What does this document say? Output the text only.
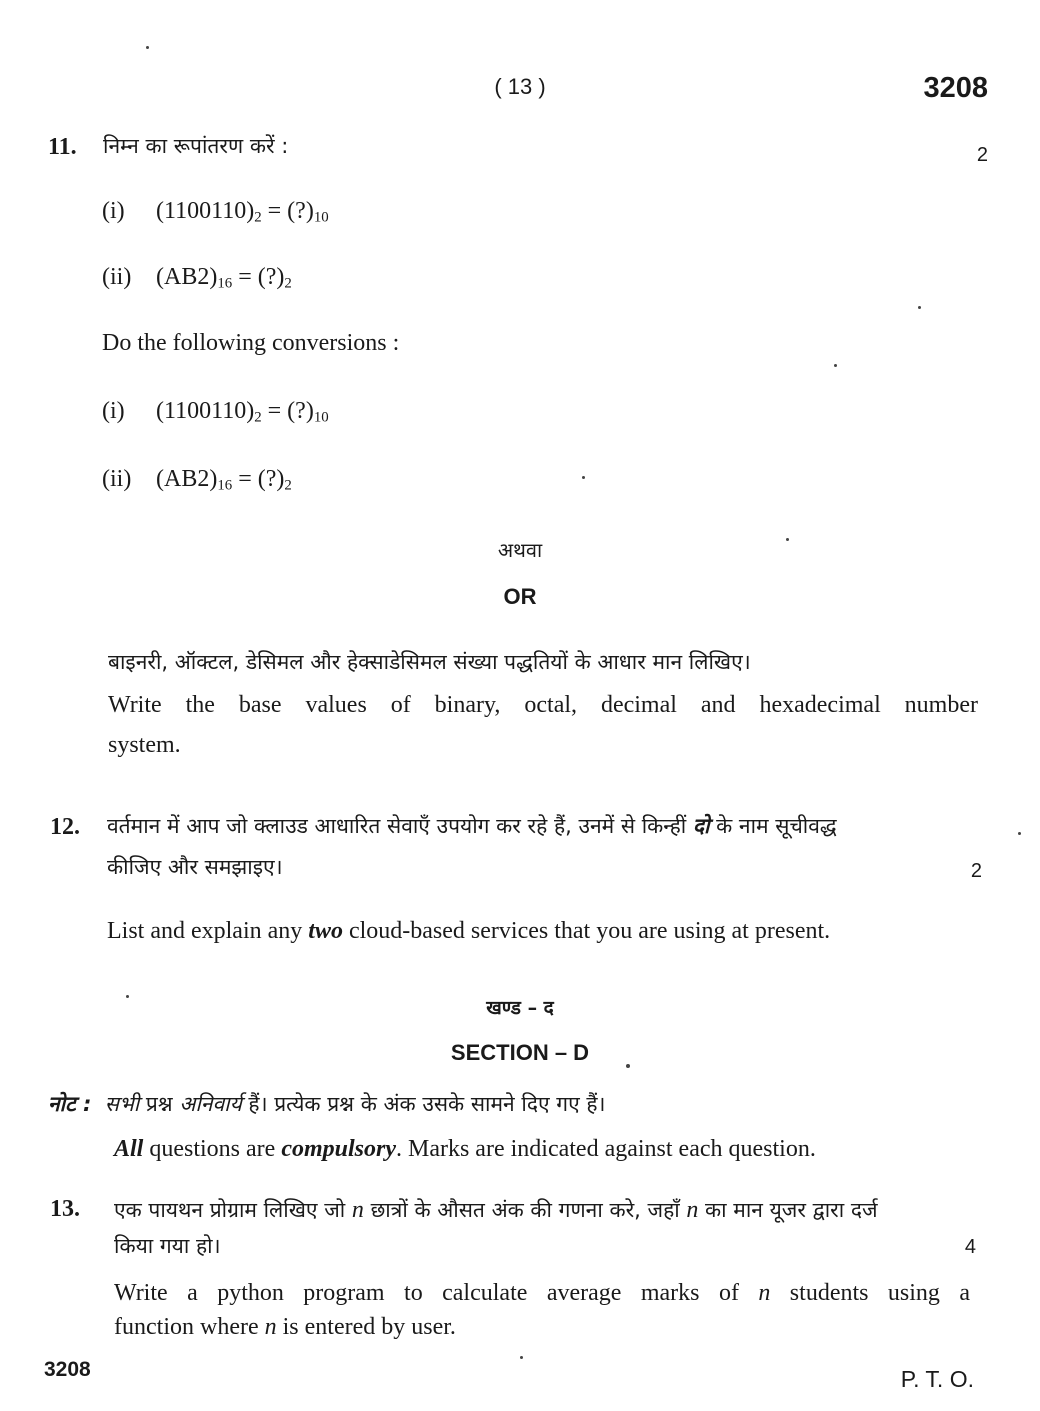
( 13 )	3208
11. निम्न का रूपांतरण करें :	2
(i) $(1100110)_2$ = $(?)_{10}$
(ii) $(AB2)_{16}$ = $(?)_2$
Do the following conversions :
(i) $(1100110)_2$ = $(?)_{10}$
(ii) $(AB2)_{16}$ = $(?)_2$
अथवा
OR
बाइनरी, ऑक्टल, डेसिमल और हेक्साडेसिमल संख्या पद्धतियों के आधार मान लिखिए।
Write the base values of binary, octal, decimal and hexadecimal number
system.
12. वर्तमान में आप जो क्लाउड आधारित सेवाएँ उपयोग कर रहे हैं, उनमें से किन्हीं दो के नाम सूचीवद्ध
कीजिए और समझाइए।	2
List and explain any two cloud-based services that you are using at present.
खण्ड – द
SECTION – D
नोट : सभी प्रश्न अनिवार्य हैं। प्रत्येक प्रश्न के अंक उसके सामने दिए गए हैं।
All questions are compulsory. Marks are indicated against each question.
13. एक पायथन प्रोग्राम लिखिए जो n छात्रों के औसत अंक की गणना करे, जहाँ n का मान यूजर द्वारा दर्ज
किया गया हो।	4
Write a python program to calculate average marks of n students using a
function where n is entered by user.
3208	P. T. O.
